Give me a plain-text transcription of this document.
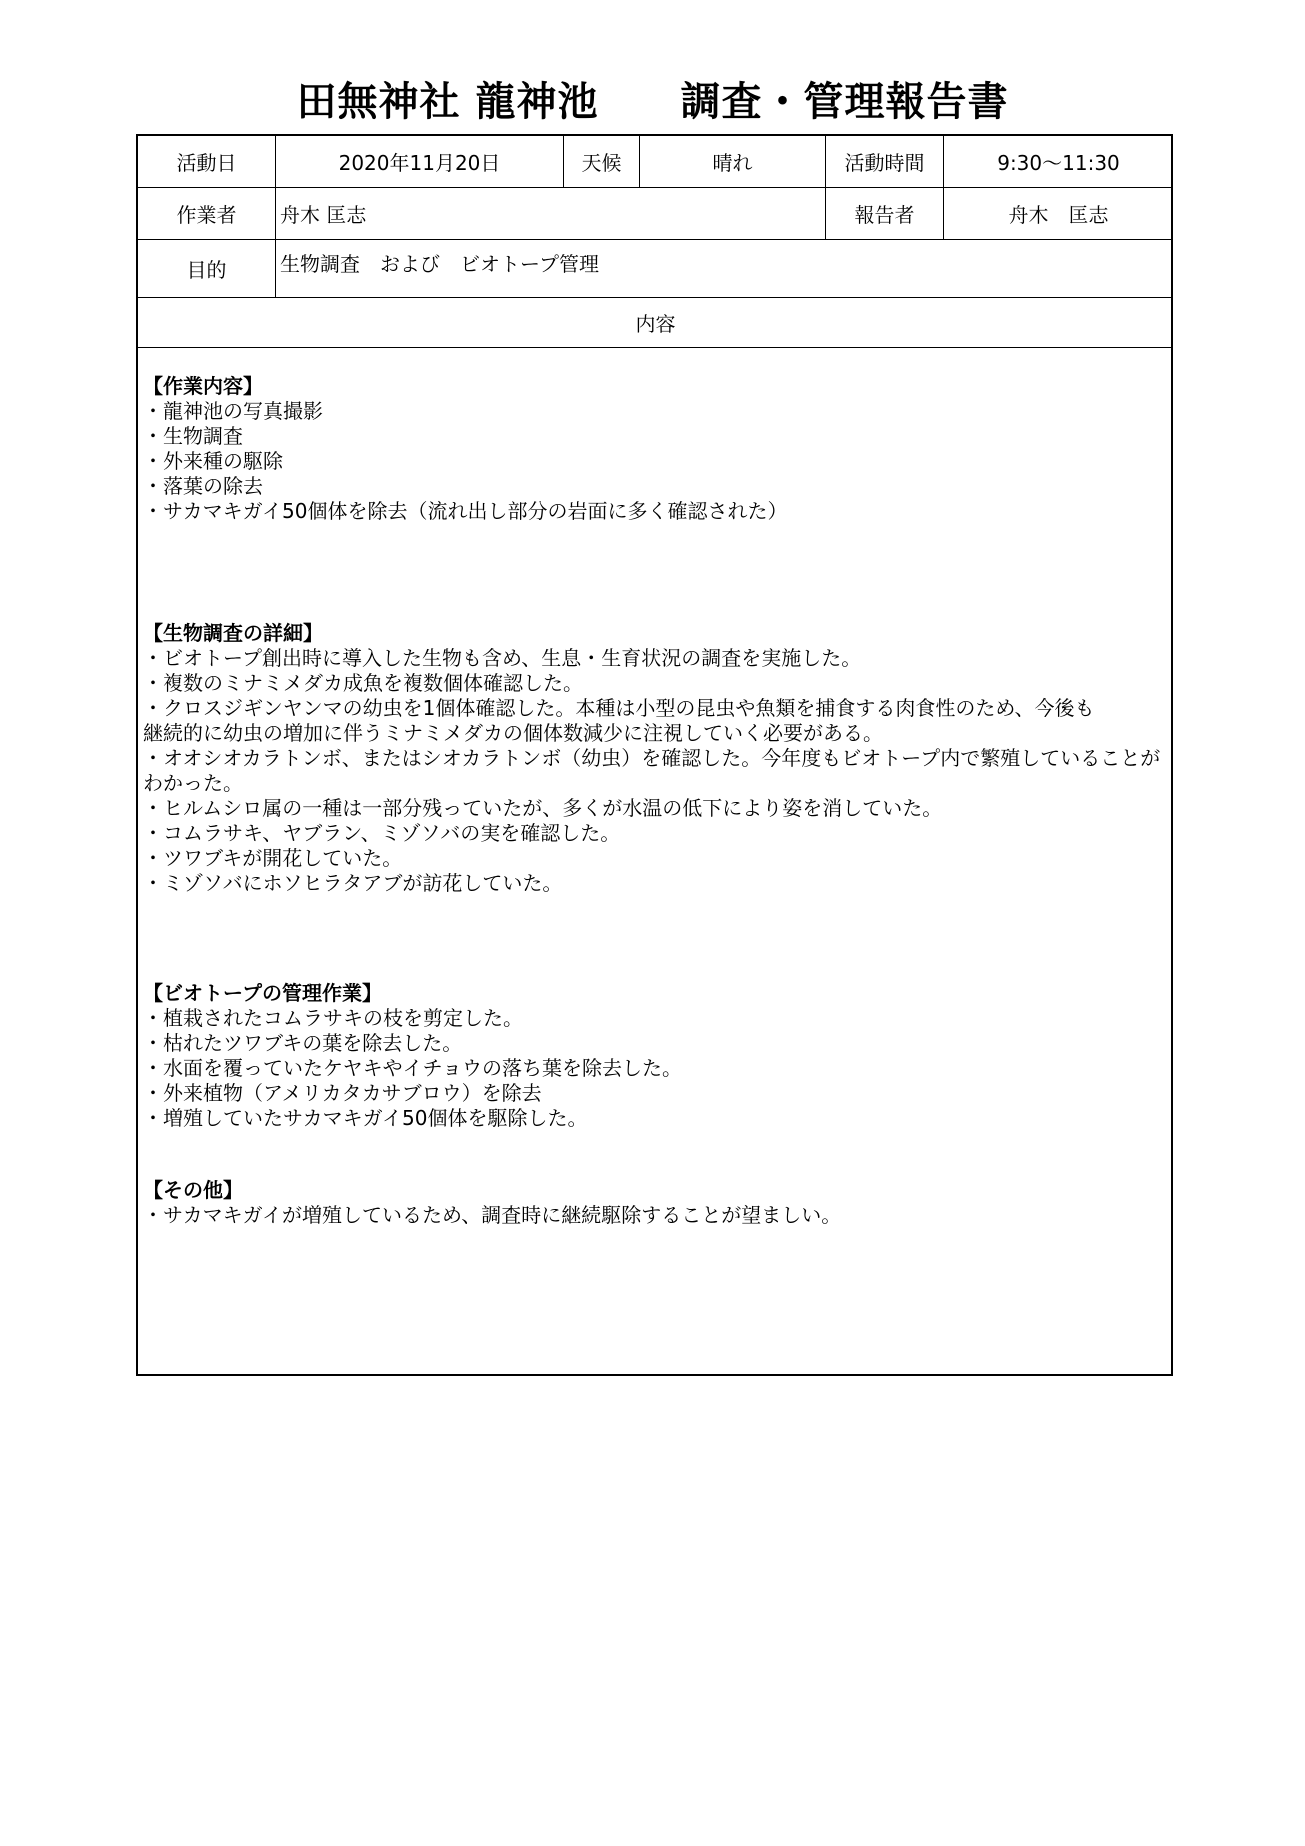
田無神社 龍神池　　調査・管理報告書
活動日	2020年11月20日	天候	晴れ	活動時間	9:30〜11:30
作業者	舟木 匡志	報告者	舟木　匡志
目的	生物調査　および　ビオトープ管理
内容
【作業内容】
・龍神池の写真撮影
・生物調査
・外来種の駆除
・落葉の除去
・サカマキガイ50個体を除去（流れ出し部分の岩面に多く確認された）
【生物調査の詳細】
・ビオトープ創出時に導入した生物も含め、生息・生育状況の調査を実施した。
・複数のミナミメダカ成魚を複数個体確認した。
・クロスジギンヤンマの幼虫を1個体確認した。本種は小型の昆虫や魚類を捕食する肉食性のため、今後も
継続的に幼虫の増加に伴うミナミメダカの個体数減少に注視していく必要がある。
・オオシオカラトンボ、またはシオカラトンボ（幼虫）を確認した。今年度もビオトープ内で繁殖していることが
わかった。
・ヒルムシロ属の一種は一部分残っていたが、多くが水温の低下により姿を消していた。
・コムラサキ、ヤブラン、ミゾソバの実を確認した。
・ツワブキが開花していた。
・ミゾソバにホソヒラタアブが訪花していた。
【ビオトープの管理作業】
・植栽されたコムラサキの枝を剪定した。
・枯れたツワブキの葉を除去した。
・水面を覆っていたケヤキやイチョウの落ち葉を除去した。
・外来植物（アメリカタカサブロウ）を除去
・増殖していたサカマキガイ50個体を駆除した。
【その他】
・サカマキガイが増殖しているため、調査時に継続駆除することが望ましい。
